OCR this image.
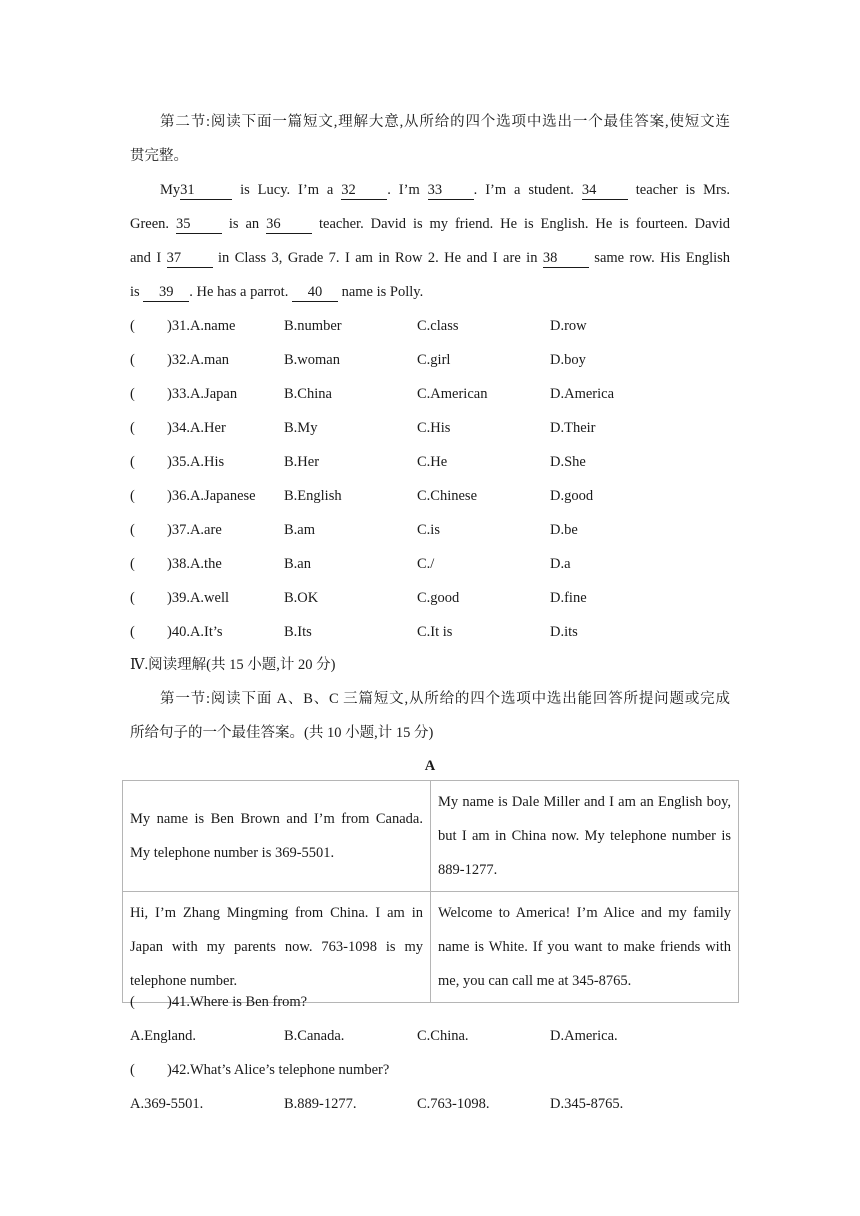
第二节:阅读下面一篇短文,理解大意,从所给的四个选项中选出一个最佳答案,使短文连
贯完整。
My31	is Lucy. I’m a 32 . I’m 33 . I’m a student. 34	teacher is Mrs.
Green. 35	is an 36	teacher. David is my friend. He is English. He is fourteen. David
and I 37	in Class 3, Grade 7. I am in Row 2. He and I are in 38	same row. His English
is 39 . He has a parrot. 40 name is Polly.
( )31.A.name	B.number	C.class	D.row
( )32.A.man	B.woman	C.girl	D.boy
( )33.A.Japan	B.China	C.American	D.America
( )34.A.Her	B.My	C.His	D.Their
( )35.A.His	B.Her	C.He	D.She
( )36.A.Japanese B.English	C.Chinese	D.good
( )37.A.are	B.am	C.is	D.be
( )38.A.the	B.an	C./	D.a
( )39.A.well	B.OK	C.good	D.fine
( )40.A.It’s	B.Its	C.It is	D.its
Ⅳ.阅读理解(共 15 小题,计 20 分)
第一节:阅读下面 A、B、C 三篇短文,从所给的四个选项中选出能回答所提问题或完成
所给句子的一个最佳答案。(共 10 小题,计 15 分)
A
My name is Ben Brown and I’m from Canada. My telephone number is 369-5501.	My name is Dale Miller and I am an English boy, but I am in China now. My telephone number is 889-1277.
Hi, I’m Zhang Mingming from China. I am in Japan with my parents now. 763-1098 is my telephone number.	Welcome to America! I’m Alice and my family name is White. If you want to make friends with me, you can call me at 345-8765.
( )41.Where is Ben from?
A.England.	B.Canada.	C.China.	D.America.
( )42.What’s Alice’s telephone number?
A.369-5501.	B.889-1277.	C.763-1098.	D.345-8765.
